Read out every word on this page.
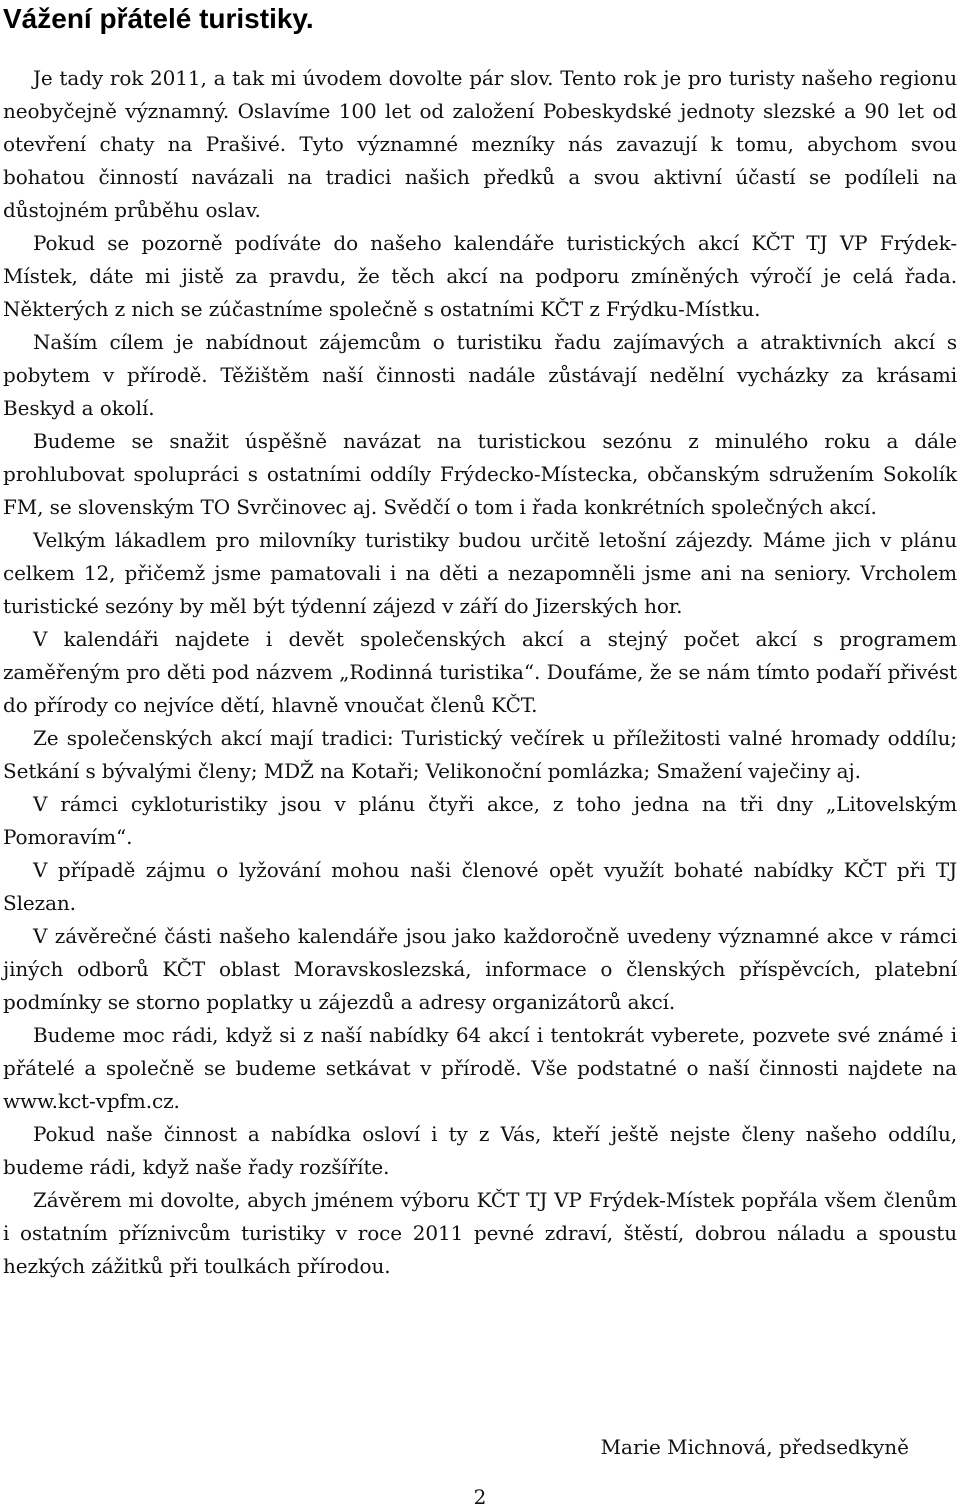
Vážení přátelé turistiky.

Je tady rok 2011, a tak mi úvodem dovolte pár slov. Tento rok je pro turisty našeho regionu neobyčejně významný. Oslavíme 100 let od založení Pobeskydské jednoty slezské a 90 let od otevření chaty na Prašivé. Tyto významné mezníky nás zavazují k tomu, abychom svou bohatou činností navázali na tradici našich předků a svou aktivní účastí se podíleli na důstojném průběhu oslav.

Pokud se pozorně podíváte do našeho kalendáře turistických akcí KČT TJ VP Frýdek-Místek, dáte mi jistě za pravdu, že těch akcí na podporu zmíněných výročí je celá řada. Některých z nich se zúčastníme společně s ostatními KČT z Frýdku-Místku.

Naším cílem je nabídnout zájemcům o turistiku řadu zajímavých a atraktivních akcí s pobytem v přírodě. Těžištěm naší činnosti nadále zůstávají nedělní vycházky za krásami Beskyd a okolí.

Budeme se snažit úspěšně navázat na turistickou sezónu z minulého roku a dále prohlubovat spolupráci s ostatními oddíly Frýdecko-Místecka, občanským sdružením Sokolík FM, se slovenským TO Svrčinovec aj. Svědčí o tom i řada konkrétních společných akcí.

Velkým lákadlem pro milovníky turistiky budou určitě letošní zájezdy. Máme jich v plánu celkem 12, přičemž jsme pamatovali i na děti a nezapomněli jsme ani na seniory. Vrcholem turistické sezóny by měl být týdenní zájezd v září do Jizerských hor.

V kalendáři najdete i devět společenských akcí a stejný počet akcí s programem zaměřeným pro děti pod názvem „Rodinná turistika“. Doufáme, že se nám tímto podaří přivést do přírody co nejvíce dětí, hlavně vnoučat členů KČT.

Ze společenských akcí mají tradici: Turistický večírek u příležitosti valné hromady oddílu; Setkání s bývalými členy; MDŽ na Kotaři; Velikonoční pomlázka; Smažení vaječiny aj.

V rámci cykloturistiky jsou v plánu čtyři akce, z toho jedna na tři dny „Litovelským Pomoravím“.

V případě zájmu o lyžování mohou naši členové opět využít bohaté nabídky KČT při TJ Slezan.

V závěrečné části našeho kalendáře jsou jako každoročně uvedeny významné akce v rámci jiných odborů KČT oblast Moravskoslezská, informace o členských příspěvcích, platební podmínky se storno poplatky u zájezdů a adresy organizátorů akcí.

Budeme moc rádi, když si z naší nabídky 64 akcí i tentokrát vyberete, pozvete své známé i přátelé a společně se budeme setkávat v přírodě. Vše podstatné o naší činnosti najdete na www.kct-vpfm.cz.

Pokud naše činnost a nabídka osloví i ty z Vás, kteří ještě nejste členy našeho oddílu, budeme rádi, když naše řady rozšíříte.

Závěrem mi dovolte, abych jménem výboru KČT TJ VP Frýdek-Místek popřála všem členům i ostatním příznivcům turistiky v roce 2011 pevné zdraví, štěstí, dobrou náladu a spoustu hezkých zážitků při toulkách přírodou.

Marie Michnová, předsedkyně

2
